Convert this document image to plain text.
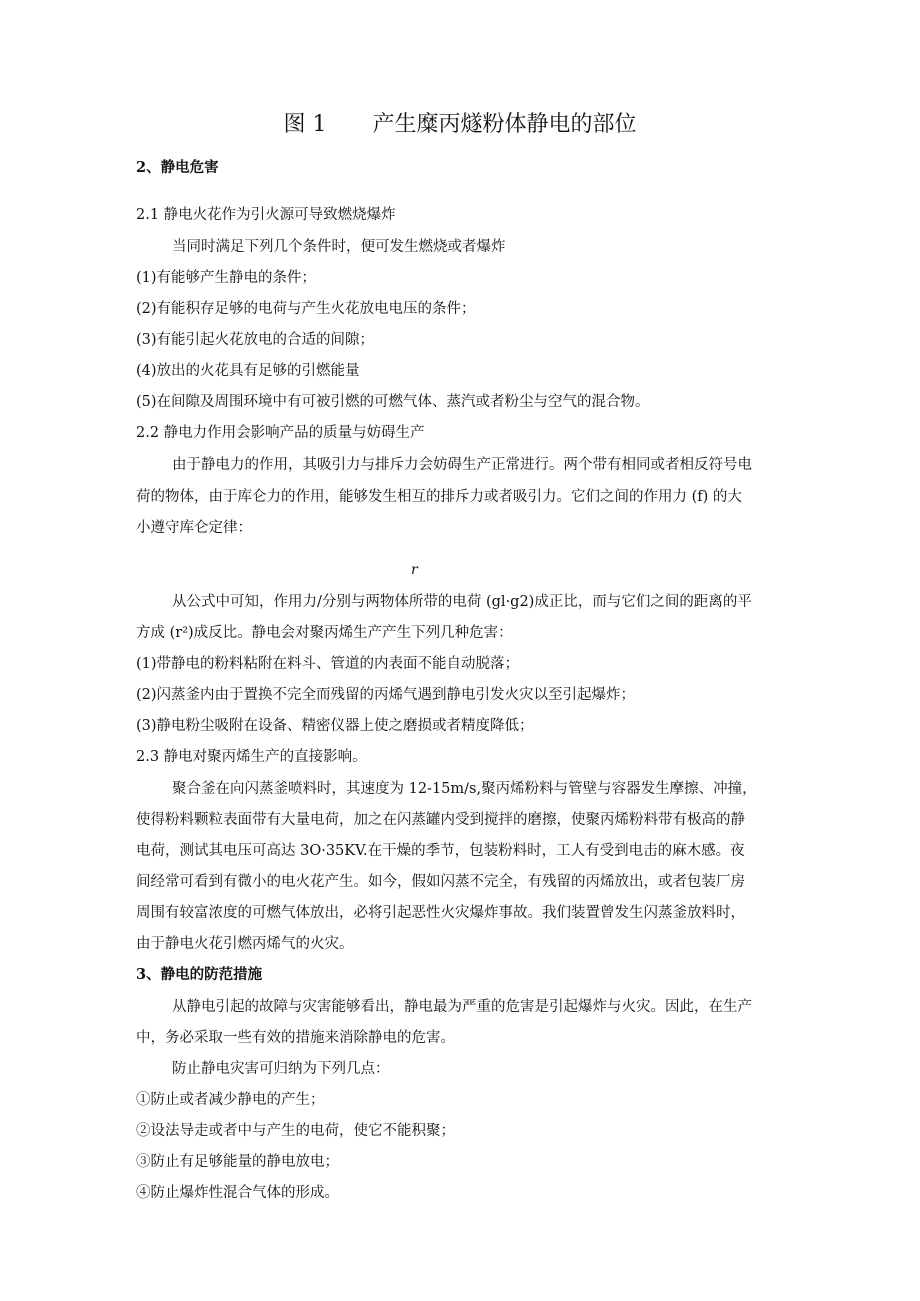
图 1 产生糜丙燧粉体静电的部位
2、静电危害
2.1 静电火花作为引火源可导致燃烧爆炸
当同时满足下列几个条件时，便可发生燃烧或者爆炸
(1)有能够产生静电的条件；
(2)有能积存足够的电荷与产生火花放电电压的条件；
(3)有能引起火花放电的合适的间隙；
(4)放出的火花具有足够的引燃能量
(5)在间隙及周围环境中有可被引燃的可燃气体、蒸汽或者粉尘与空气的混合物。
2.2 静电力作用会影响产品的质量与妨碍生产
由于静电力的作用，其吸引力与排斥力会妨碍生产正常进行。两个带有相同或者相反符号电
荷的物体，由于库仑力的作用，能够发生相互的排斥力或者吸引力。它们之间的作用力 (f) 的大
小遵守库仑定律：
r
从公式中可知，作用力/分别与两物体所带的电荷 (gl·g2)成正比，而与它们之间的距离的平
方成 (r²)成反比。静电会对聚丙烯生产产生下列几种危害：
(1)带静电的粉料粘附在料斗、管道的内表面不能自动脱落；
(2)闪蒸釜内由于置换不完全而残留的丙烯气遇到静电引发火灾以至引起爆炸；
(3)静电粉尘吸附在设备、精密仪器上使之磨损或者精度降低；
2.3 静电对聚丙烯生产的直接影响。
聚合釜在向闪蒸釜喷料时，其速度为 12-15m∕s,聚丙烯粉料与管壁与容器发生摩擦、冲撞，
使得粉料颗粒表面带有大量电荷，加之在闪蒸罐内受到搅拌的磨擦，使聚丙烯粉料带有极高的静
电荷，测试其电压可高达 3O·35KV.在干燥的季节，包装粉料时，工人有受到电击的麻木感。夜
间经常可看到有微小的电火花产生。如今，假如闪蒸不完全，有残留的丙烯放出，或者包装厂房
周围有较富浓度的可燃气体放出，必将引起恶性火灾爆炸事故。我们装置曾发生闪蒸釜放料时，
由于静电火花引燃丙烯气的火灾。
3、静电的防范措施
从静电引起的故障与灾害能够看出，静电最为严重的危害是引起爆炸与火灾。因此，在生产
中，务必采取一些有效的措施来消除静电的危害。
防止静电灾害可归纳为下列几点：
①防止或者减少静电的产生；
②设法导走或者中与产生的电荷，使它不能积聚；
③防止有足够能量的静电放电；
④防止爆炸性混合气体的形成。
